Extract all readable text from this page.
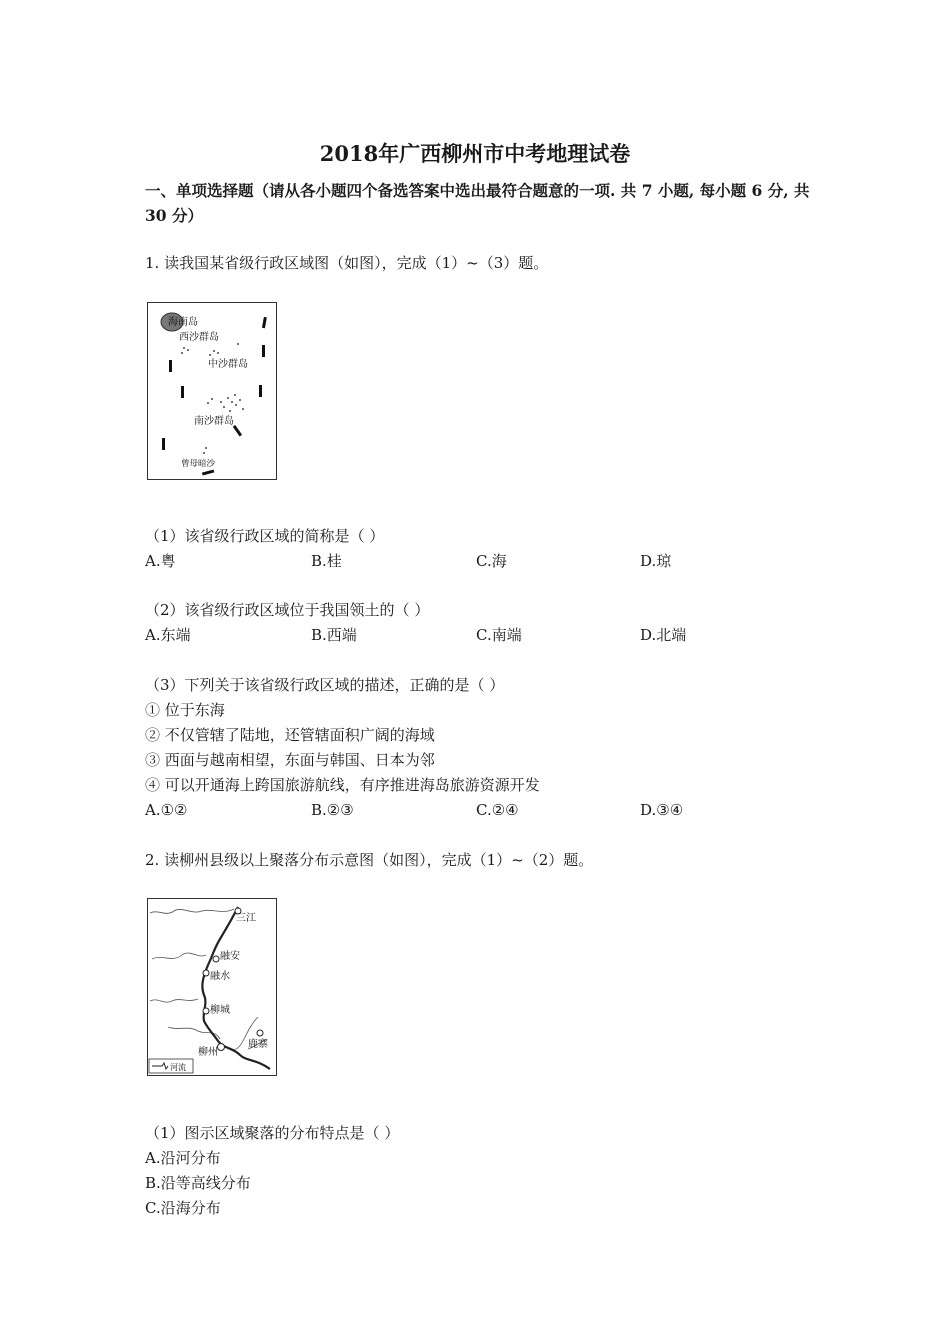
2018年广西柳州市中考地理试卷
一、单项选择题（请从各小题四个备选答案中选出最符合题意的一项. 共 7 小题, 每小题 6 分, 共 30 分）
1. 读我国某省级行政区域图（如图），完成（1）~（3）题。
海南岛
西沙群岛
中沙群岛
南沙群岛
曾母暗沙
（1）该省级行政区域的简称是（ ）
A.粤	B.桂	C.海	D.琼
（2）该省级行政区域位于我国领土的（ ）
A.东端	B.西端	C.南端	D.北端
（3）下列关于该省级行政区域的描述，正确的是（ ）
① 位于东海
② 不仅管辖了陆地，还管辖面积广阔的海域
③ 西面与越南相望，东面与韩国、日本为邻
④ 可以开通海上跨国旅游航线，有序推进海岛旅游资源开发
A.①②	B.②③	C.②④	D.③④
2. 读柳州县级以上聚落分布示意图（如图），完成（1）~（2）题。
三江
融安
融水
柳城
柳州
鹿寨
河流
（1）图示区域聚落的分布特点是（ ）
A.沿河分布
B.沿等高线分布
C.沿海分布
